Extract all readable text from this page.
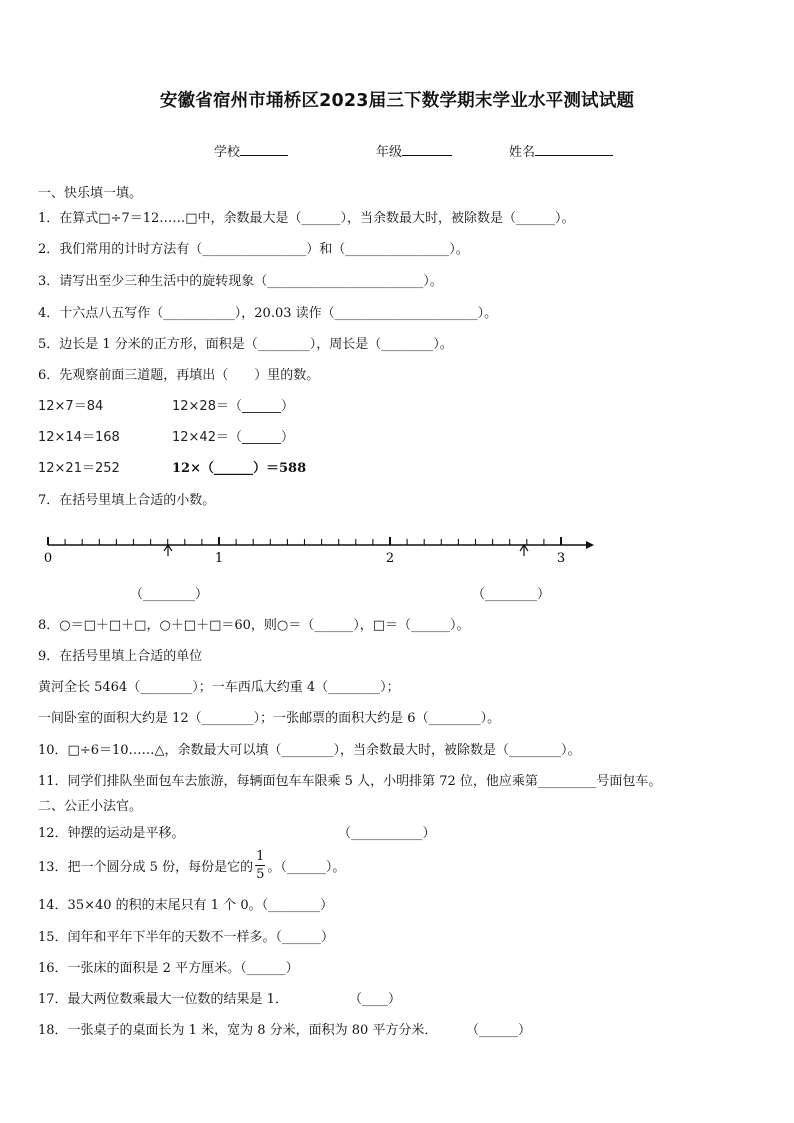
安徽省宿州市埇桥区2023届三下数学期末学业水平测试试题
学校	年级	姓名
一、快乐填一填。
1．在算式□÷7＝12……□中，余数最大是（______），当余数最大时，被除数是（______）。
2．我们常用的计时方法有（________________）和（________________）。
3．请写出至少三种生活中的旋转现象（________________________）。
4．十六点八五写作（___________），20.03 读作（______________________）。
5．边长是 1 分米的正方形，面积是（________），周长是（________）。
6．先观察前面三道题，再填出（　　）里的数。
12×7＝84
12×14＝168
12×21＝252
12×28＝（______）
12×42＝（______）
12×（______）＝588
7．在括号里填上合适的小数。
0	1	2	3
（________）	（________）
8．○＝□＋□＋□，○＋□＋□＝60，则○＝（______），□＝（______）。
9．在括号里填上合适的单位
黄河全长 5464（________）；一车西瓜大约重 4（________）；
一间卧室的面积大约是 12（________）；一张邮票的面积大约是 6（________）。
10．□÷6＝10……△，余数最大可以填（________），当余数最大时，被除数是（________）。
11．同学们排队坐面包车去旅游，每辆面包车车限乘 5 人，小明排第 72 位，他应乘第_________号面包车。
二、公正小法官。
12．钟摆的运动是平移。	（___________）
13．把一个圆分成 5 份，每份是它的 $\frac{1}{5}$ 。（______）。
14．35×40 的积的末尾只有 1 个 0。（________）
15．闰年和平年下半年的天数不一样多。（______）
16．一张床的面积是 2 平方厘米。（______）
17．最大两位数乘最大一位数的结果是 1．	（____）
18．一张桌子的桌面长为 1 米，宽为 8 分米，面积为 80 平方分米． （______）
